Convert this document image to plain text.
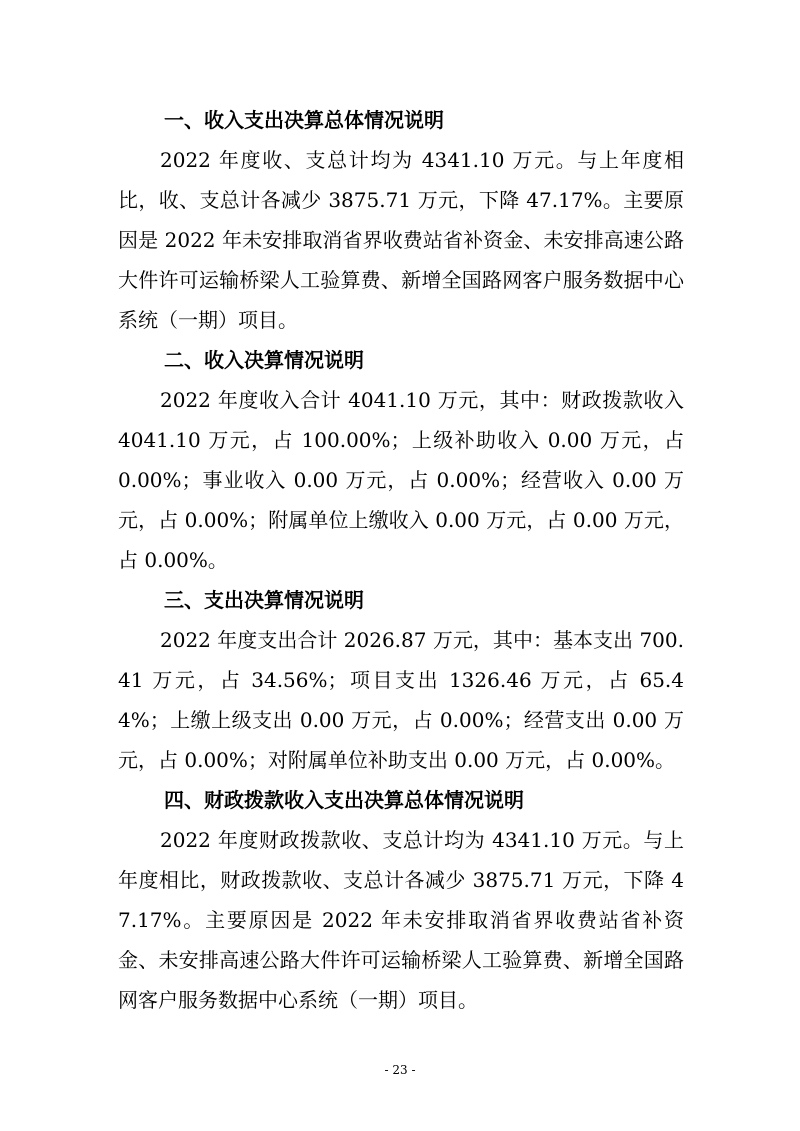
一、收入支出决算总体情况说明
2022 年度收、支总计均为 4341.10 万元。与上年度相比，收、支总计各减少 3875.71 万元，下降 47.17%。主要原因是 2022 年未安排取消省界收费站省补资金、未安排高速公路大件许可运输桥梁人工验算费、新增全国路网客户服务数据中心系统（一期）项目。
二、收入决算情况说明
2022 年度收入合计 4041.10 万元，其中：财政拨款收入 4041.10 万元，占 100.00%；上级补助收入 0.00 万元，占 0.00%；事业收入 0.00 万元，占 0.00%；经营收入 0.00 万元，占 0.00%；附属单位上缴收入 0.00 万元，占 0.00 万元，占 0.00%。
三、支出决算情况说明
2022 年度支出合计 2026.87 万元，其中：基本支出 700.41 万元，占 34.56%；项目支出 1326.46 万元，占 65.44%；上缴上级支出 0.00 万元，占 0.00%；经营支出 0.00 万元，占 0.00%；对附属单位补助支出 0.00 万元，占 0.00%。
四、财政拨款收入支出决算总体情况说明
2022 年度财政拨款收、支总计均为 4341.10 万元。与上年度相比，财政拨款收、支总计各减少 3875.71 万元，下降 47.17%。主要原因是 2022 年未安排取消省界收费站省补资金、未安排高速公路大件许可运输桥梁人工验算费、新增全国路网客户服务数据中心系统（一期）项目。
- 23 -
